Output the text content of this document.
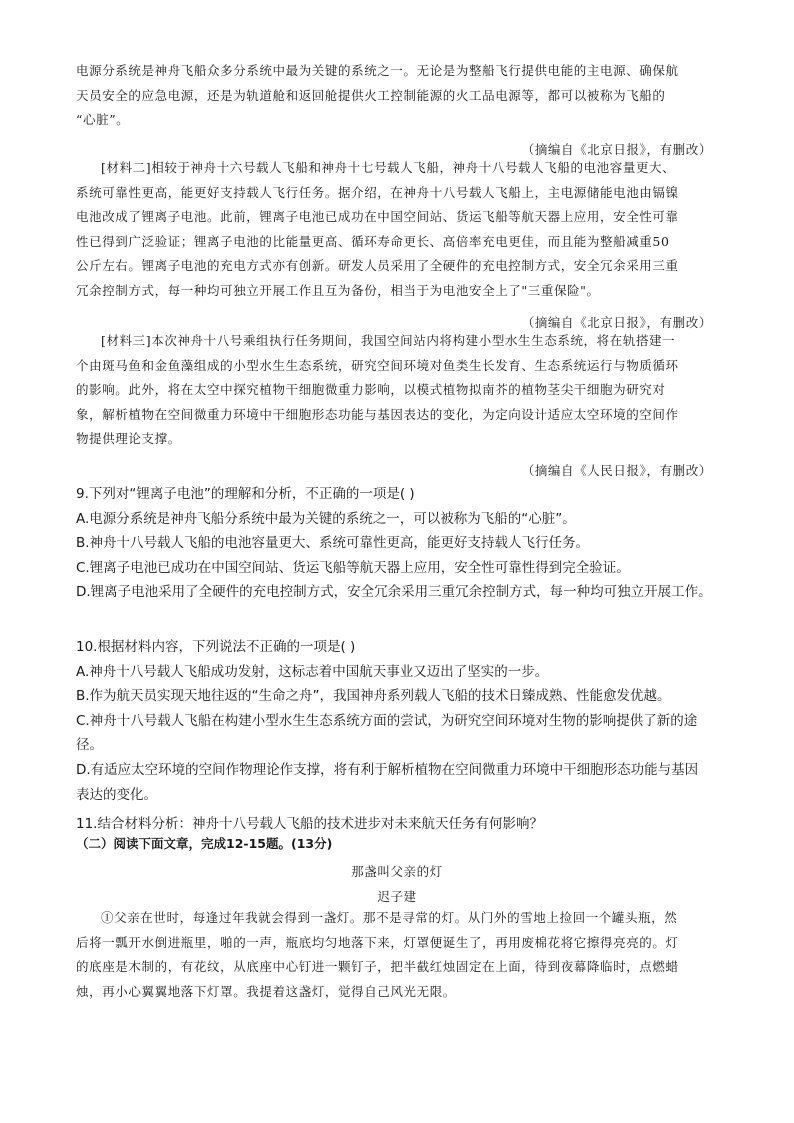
电源分系统是神舟飞船众多分系统中最为关键的系统之一。无论是为整船飞行提供电能的主电源、确保航
天员安全的应急电源，还是为轨道舱和返回舱提供火工控制能源的火工品电源等，都可以被称为飞船的
“心脏”。

（摘编自《北京日报》，有删改）

[材料二]相较于神舟十六号载人飞船和神舟十七号载人飞船，神舟十八号载人飞船的电池容量更大、
系统可靠性更高，能更好支持载人飞行任务。据介绍，在神舟十八号载人飞船上，主电源储能电池由镉镍
电池改成了锂离子电池。此前，锂离子电池已成功在中国空间站、货运飞船等航天器上应用，安全性可靠
性已得到广泛验证；锂离子电池的比能量更高、循环寿命更长、高倍率充电更佳，而且能为整船减重50
公斤左右。锂离子电池的充电方式亦有创新。研发人员采用了全硬件的充电控制方式，安全冗余采用三重
冗余控制方式，每一种均可独立开展工作且互为备份，相当于为电池安全上了"三重保险"。

（摘编自《北京日报》，有删改）

[材料三]本次神舟十八号乘组执行任务期间，我国空间站内将构建小型水生生态系统，将在轨搭建一
个由斑马鱼和金鱼藻组成的小型水生生态系统，研究空间环境对鱼类生长发育、生态系统运行与物质循环
的影响。此外，将在太空中探究植物干细胞微重力影响，以模式植物拟南芥的植物茎尖干细胞为研究对
象，解析植物在空间微重力环境中干细胞形态功能与基因表达的变化，为定向设计适应太空环境的空间作
物提供理论支撑。

（摘编自《人民日报》，有删改）

9.下列对“锂离子电池”的理解和分析，不正确的一项是( )
A.电源分系统是神舟飞船分系统中最为关键的系统之一，可以被称为飞船的“心脏”。
B.神舟十八号载人飞船的电池容量更大、系统可靠性更高，能更好支持载人飞行任务。
C.锂离子电池已成功在中国空间站、货运飞船等航天器上应用，安全性可靠性得到完全验证。
D.锂离子电池采用了全硬件的充电控制方式，安全冗余采用三重冗余控制方式，每一种均可独立开展工作。
10.根据材料内容，下列说法不正确的一项是( )
A.神舟十八号载人飞船成功发射，这标志着中国航天事业又迈出了坚实的一步。
B.作为航天员实现天地往返的“生命之舟”，我国神舟系列载人飞船的技术日臻成熟、性能愈发优越。
C.神舟十八号载人飞船在构建小型水生生态系统方面的尝试，为研究空间环境对生物的影响提供了新的途
径。
D.有适应太空环境的空间作物理论作支撑，将有利于解析植物在空间微重力环境中干细胞形态功能与基因
表达的变化。
11.结合材料分析：神舟十八号载人飞船的技术进步对未来航天任务有何影响？

（二）阅读下面文章，完成12-15题。(13分)

那盏叫父亲的灯

迟子建

①父亲在世时，每逢过年我就会得到一盏灯。那不是寻常的灯。从门外的雪地上捡回一个罐头瓶，然
后将一瓢开水倒进瓶里，啪的一声，瓶底均匀地落下来，灯罩便诞生了，再用废棉花将它擦得亮亮的。灯
的底座是木制的，有花纹，从底座中心钉进一颗钉子，把半截红烛固定在上面，待到夜幕降临时，点燃蜡
烛，再小心翼翼地落下灯罩。我提着这盏灯，觉得自己风光无限。
